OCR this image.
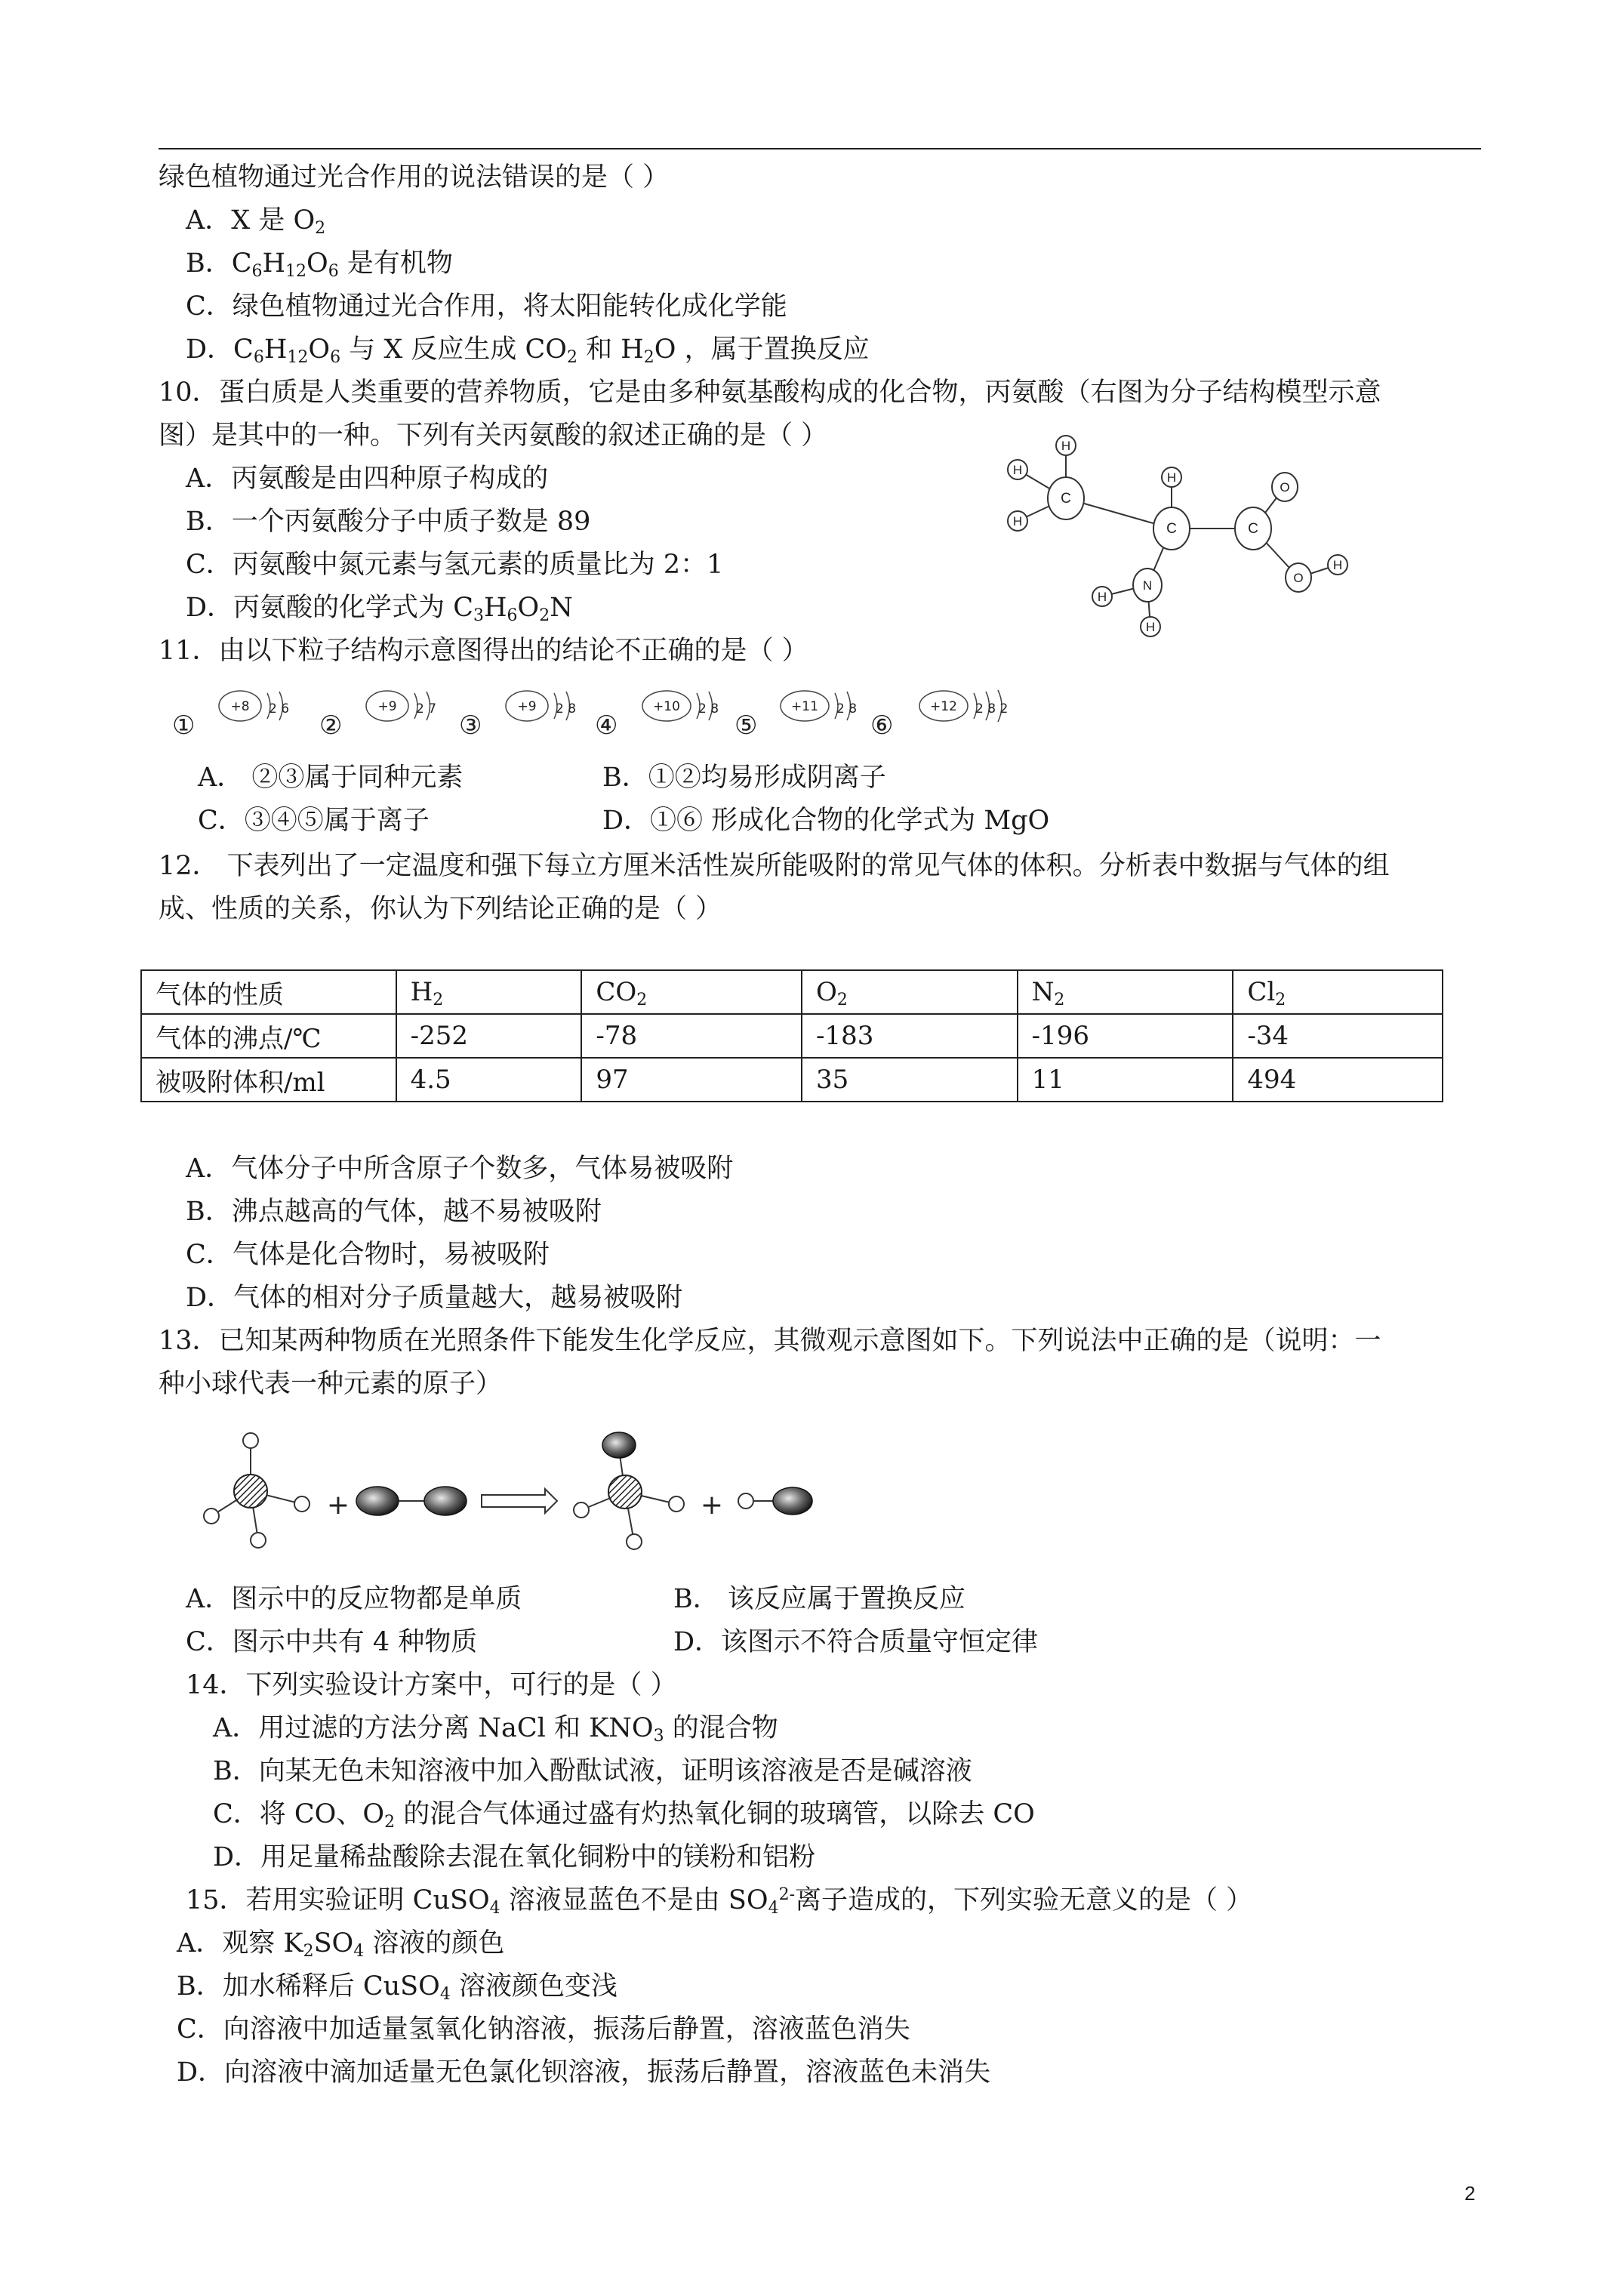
绿色植物通过光合作用的说法错误的是（ ）
A．X 是 $O_2$
B．$C_6H_{12}O_6$ 是有机物
C．绿色植物通过光合作用，将太阳能转化成化学能
D．$C_6H_{12}O_6$ 与 X 反应生成 $CO_2$ 和 $H_2O$ ，属于置换反应
10．蛋白质是人类重要的营养物质，它是由多种氨基酸构成的化合物，丙氨酸（右图为分子结构模型示意
图）是其中的一种。下列有关丙氨酸的叙述正确的是（ ）
A．丙氨酸是由四种原子构成的
B．一个丙氨酸分子中质子数是 89
C．丙氨酸中氮元素与氢元素的质量比为 2：1
D．丙氨酸的化学式为 $C_3H_6O_2N$
H
H
H
H
H
H
H
C
C	C
O
O
N
11．由以下粒子结构示意图得出的结论不正确的是（ ）
①	②	③	④	⑤	⑥
+8 2 6	+9 2 7	+9 2 8	+10 2 8	+11 2 8	+12 2 8 2
A． ②③属于同种元素	B．①②均易形成阴离子
C．③④⑤属于离子	D．①⑥ 形成化合物的化学式为 MgO
12． 下表列出了一定温度和强下每立方厘米活性炭所能吸附的常见气体的体积。分析表中数据与气体的组
成、性质的关系，你认为下列结论正确的是（ ）
气体的性质	$H_2$	$CO_2$	$O_2$	$N_2$	$Cl_2$
气体的沸点/℃	-252	-78	-183	-196	-34
被吸附体积/ml	4.5	97	35	11	494
A．气体分子中所含原子个数多，气体易被吸附
B．沸点越高的气体，越不易被吸附
C．气体是化合物时，易被吸附
D．气体的相对分子质量越大，越易被吸附
13．已知某两种物质在光照条件下能发生化学反应，其微观示意图如下。下列说法中正确的是（说明：一
种小球代表一种元素的原子）
+	+
A．图示中的反应物都是单质	B． 该反应属于置换反应
C．图示中共有 4 种物质	D．该图示不符合质量守恒定律
14．下列实验设计方案中，可行的是（ ）
A．用过滤的方法分离 NaCl 和 $KNO_3$ 的混合物
B．向某无色未知溶液中加入酚酞试液，证明该溶液是否是碱溶液
C．将 CO、$O_2$ 的混合气体通过盛有灼热氧化铜的玻璃管，以除去 CO
D．用足量稀盐酸除去混在氧化铜粉中的镁粉和铝粉
15．若用实验证明 CuSO$_4$ 溶液显蓝色不是由 $SO_4^{2-}$离子造成的，下列实验无意义的是（ ）
A．观察 $K_2SO_4$ 溶液的颜色
B．加水稀释后 CuSO$_4$ 溶液颜色变浅
C．向溶液中加适量氢氧化钠溶液，振荡后静置，溶液蓝色消失
D．向溶液中滴加适量无色氯化钡溶液，振荡后静置，溶液蓝色未消失
2
